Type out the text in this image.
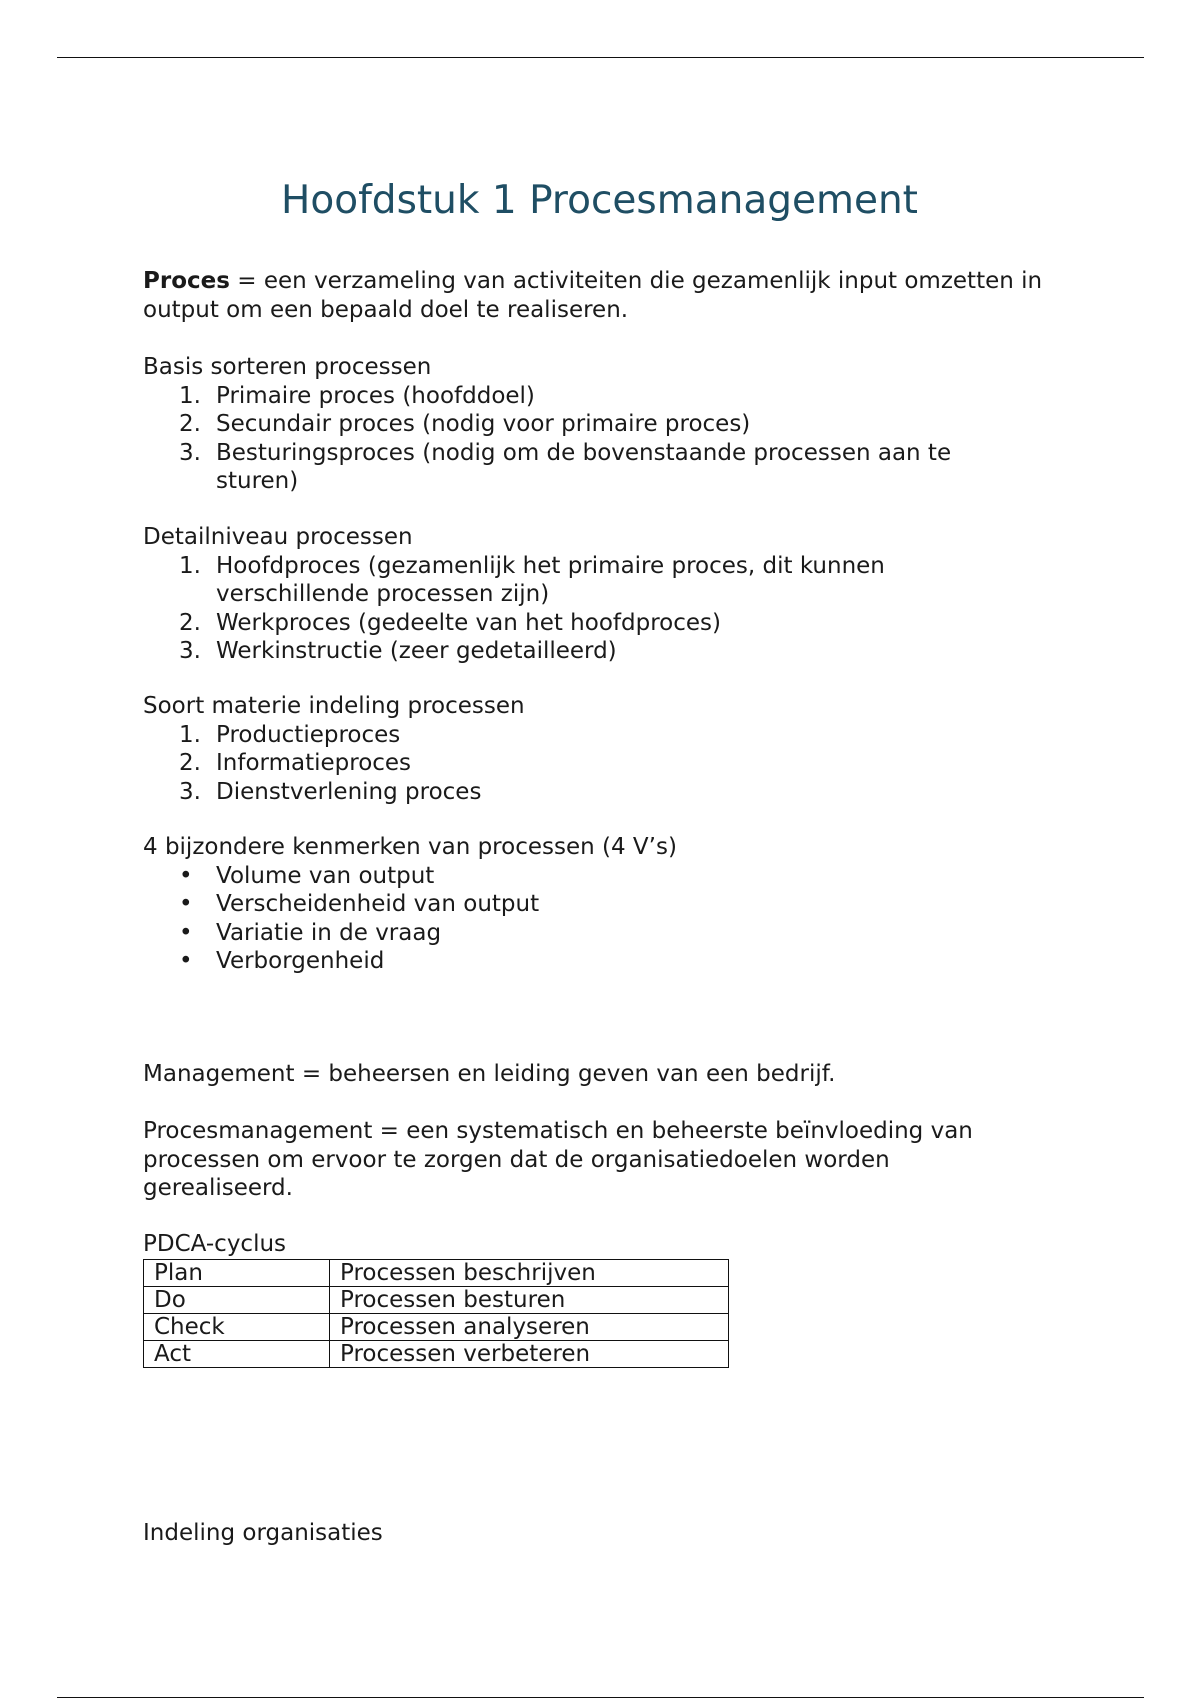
Hoofdstuk 1 Procesmanagement

Proces = een verzameling van activiteiten die gezamenlijk input omzetten in output om een bepaald doel te realiseren.

Basis sorteren processen

1. Primaire proces (hoofddoel)
2. Secundair proces (nodig voor primaire proces)
3. Besturingsproces (nodig om de bovenstaande processen aan te sturen)

Detailniveau processen

1. Hoofdproces (gezamenlijk het primaire proces, dit kunnen verschillende processen zijn)
2. Werkproces (gedeelte van het hoofdproces)
3. Werkinstructie (zeer gedetailleerd)

Soort materie indeling processen

1. Productieproces
2. Informatieproces
3. Dienstverlening proces

4 bijzondere kenmerken van processen (4 V’s)

• Volume van output
• Verscheidenheid van output
• Variatie in de vraag
• Verborgenheid

Management = beheersen en leiding geven van een bedrijf.

Procesmanagement = een systematisch en beheerste beïnvloeding van processen om ervoor te zorgen dat de organisatiedoelen worden gerealiseerd.

PDCA-cyclus

Plan	Processen beschrijven
Do	Processen besturen
Check	Processen analyseren
Act	Processen verbeteren

Indeling organisaties
